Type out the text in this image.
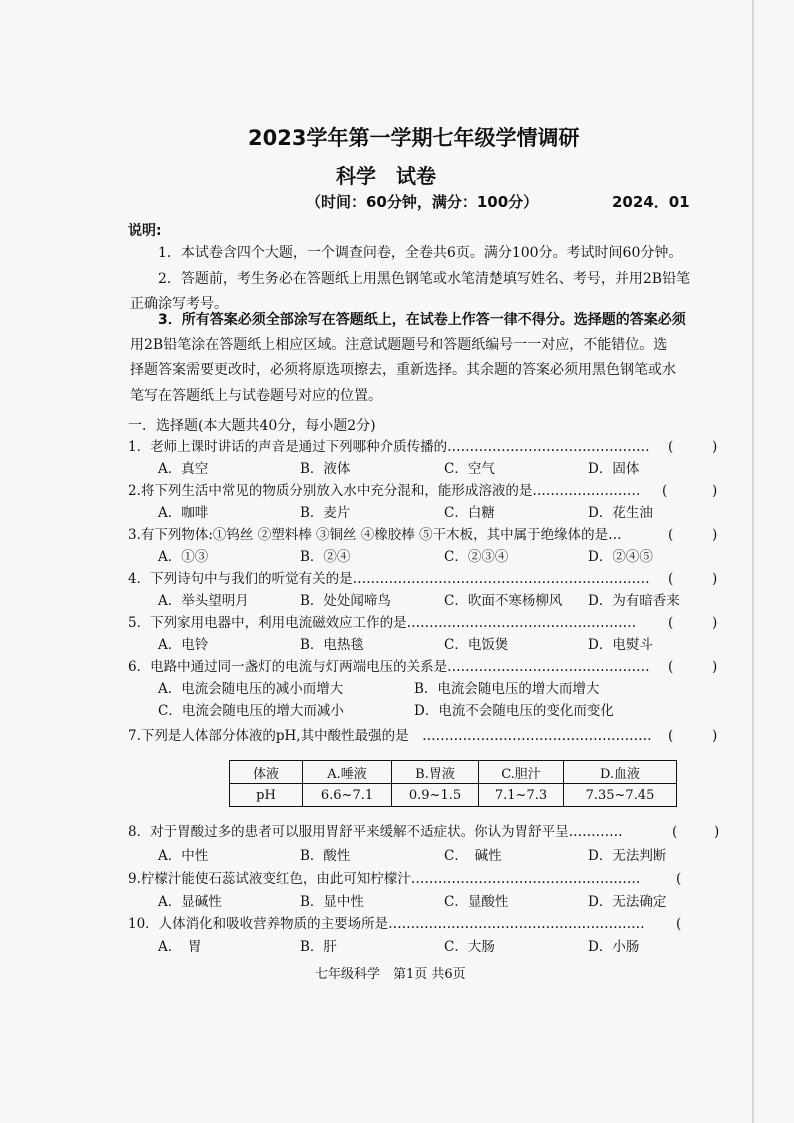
2023学年第一学期七年级学情调研
科学　试卷
（时间：60分钟，满分：100分）	2024．01
说明:
1．本试卷含四个大题，一个调查问卷，全卷共6页。满分100分。考试时间60分钟。
2．答题前，考生务必在答题纸上用黑色钢笔或水笔清楚填写姓名、考号，并用2B铅笔
正确涂写考号。
3．所有答案必须全部涂写在答题纸上，在试卷上作答一律不得分。选择题的答案必须
用2B铅笔涂在答题纸上相应区域。注意试题题号和答题纸编号一一对应，不能错位。选
择题答案需要更改时，必须将原选项擦去，重新选择。其余题的答案必须用黑色钢笔或水
笔写在答题纸上与试卷题号对应的位置。
一．选择题(本大题共40分，每小题2分)
1．老师上课时讲话的声音是通过下列哪种介质传播的……………………………………… (	)
A．真空	B．液体	C．空气	D．固体
2.将下列生活中常见的物质分别放入水中充分混和，能形成溶液的是…………………… (	)
A．咖啡	B．麦片	C．白糖	D．花生油
3.有下列物体:①钨丝 ②塑料棒 ③铜丝 ④橡胶棒 ⑤干木板，其中属于绝缘体的是…	(	)
A．①③	B．②④	C．②③④	D．②④⑤
4．下列诗句中与我们的听觉有关的是………………………………………………………… (	)
A．举头望明月	B．处处闻啼鸟	C．吹面不寒杨柳风 D．为有暗香来
5．下列家用电器中，利用电流磁效应工作的是…………………………………………… (	)
A．电铃	B．电热毯	C．电饭煲	D．电熨斗
6．电路中通过同一盏灯的电流与灯两端电压的关系是……………………………………… (	)
A．电流会随电压的减小而增大	B．电流会随电压的增大而增大
C．电流会随电压的增大而减小	D．电流不会随电压的变化而变化
7.下列是人体部分体液的pH,其中酸性最强的是　…………………………………………… (	)
体液	A.唾液	B.胃液	C.胆汁	D.血液
pH	6.6~7.1	0.9~1.5	7.1~7.3	7.35~7.45
8．对于胃酸过多的患者可以服用胃舒平来缓解不适症状。你认为胃舒平呈…………	(	)
A．中性	B．酸性	C．　碱性	D．无法判断
9.柠檬汁能使石蕊试液变红色，由此可知柠檬汁……………………………………………	(
A．显碱性	B．显中性	C．显酸性	D．无法确定
10．人体消化和吸收营养物质的主要场所是………………………………………………… (
A．　胃	B．肝	C．大肠	D．小肠
七年级科学　第1页 共6页
